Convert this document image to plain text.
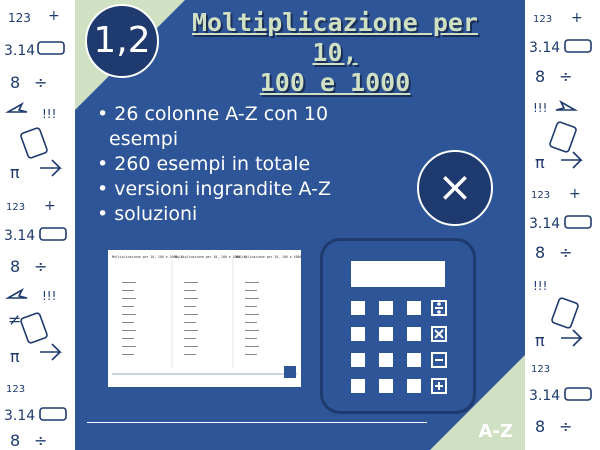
123 +
3.14
8 ÷
!!!
π
123 +
3.14
8 ÷
!!!
≠
π
123
3.14
8 ÷
1,2	Moltiplicazione per 10,
100 e 1000
• 26 colonne A-Z con 10 esempi
• 260 esempi in totale
• versioni ingrandite A-Z
• soluzioni
×
Moltiplicazione per 10, 100 e 1000, A
Moltiplicazione per 10, 100 e 1000, B
Moltiplicazione per 10, 100 e 1000, C
A-Z
123 +
3.14
8 ÷
!!!
π
123 +
3.14
8 ÷
!!!
π
123
3.14
8 ÷
